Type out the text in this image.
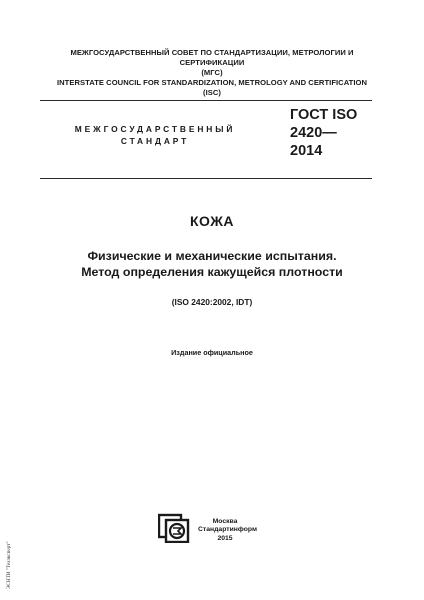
МЕЖГОСУДАРСТВЕННЫЙ СОВЕТ ПО СТАНДАРТИЗАЦИИ, МЕТРОЛОГИИ И СЕРТИФИКАЦИИ
(МГС)
INTERSTATE COUNCIL FOR STANDARDIZATION, METROLOGY AND CERTIFICATION
(ISC)
МЕЖГОСУДАРСТВЕННЫЙ
СТАНДАРТ
ГОСТ ISO
2420—
2014
КОЖА
Физические и механические испытания.
Метод определения кажущейся плотности
(ISO 2420:2002, IDT)
Издание официальное
Москва
Стандартинформ
2015
ЭСНТИ "Техэксперт"
